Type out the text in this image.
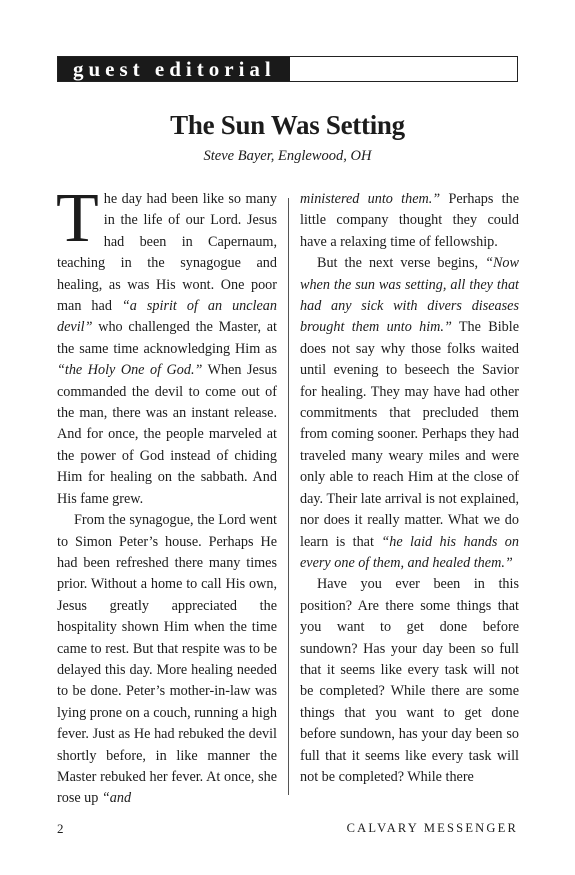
guest editorial
The Sun Was Setting
Steve Bayer, Englewood, OH

The day had been like so many in the life of our Lord. Jesus had been in Capernaum, teaching in the synagogue and healing, as was His wont. One poor man had “a spirit of an unclean devil” who challenged the Master, at the same time acknowledging Him as “the Holy One of God.” When Jesus commanded the devil to come out of the man, there was an instant release. And for once, the people marveled at the power of God instead of chiding Him for healing on the sabbath. And His fame grew.

From the synagogue, the Lord went to Simon Peter’s house. Perhaps He had been refreshed there many times prior. Without a home to call His own, Jesus greatly appreciated the hospitality shown Him when the time came to rest. But that respite was to be delayed this day. More healing needed to be done. Peter’s mother-in-law was lying prone on a couch, running a high fever. Just as He had rebuked the devil shortly before, in like manner the Master rebuked her fever. At once, she rose up “and

ministered unto them.” Perhaps the little company thought they could have a relaxing time of fellowship.

But the next verse begins, “Now when the sun was setting, all they that had any sick with divers diseases brought them unto him.” The Bible does not say why those folks waited until evening to beseech the Savior for healing. They may have had other commitments that precluded them from coming sooner. Perhaps they had traveled many weary miles and were only able to reach Him at the close of day. Their late arrival is not explained, nor does it really matter. What we do learn is that “he laid his hands on every one of them, and healed them.”

Have you ever been in this position? Are there some things that you want to get done before sundown? Has your day been so full that it seems like every task will not be completed? While there are some things that you want to get done before sundown, has your day been so full that it seems like every task will not be completed? While there

2	CALVARY MESSENGER
